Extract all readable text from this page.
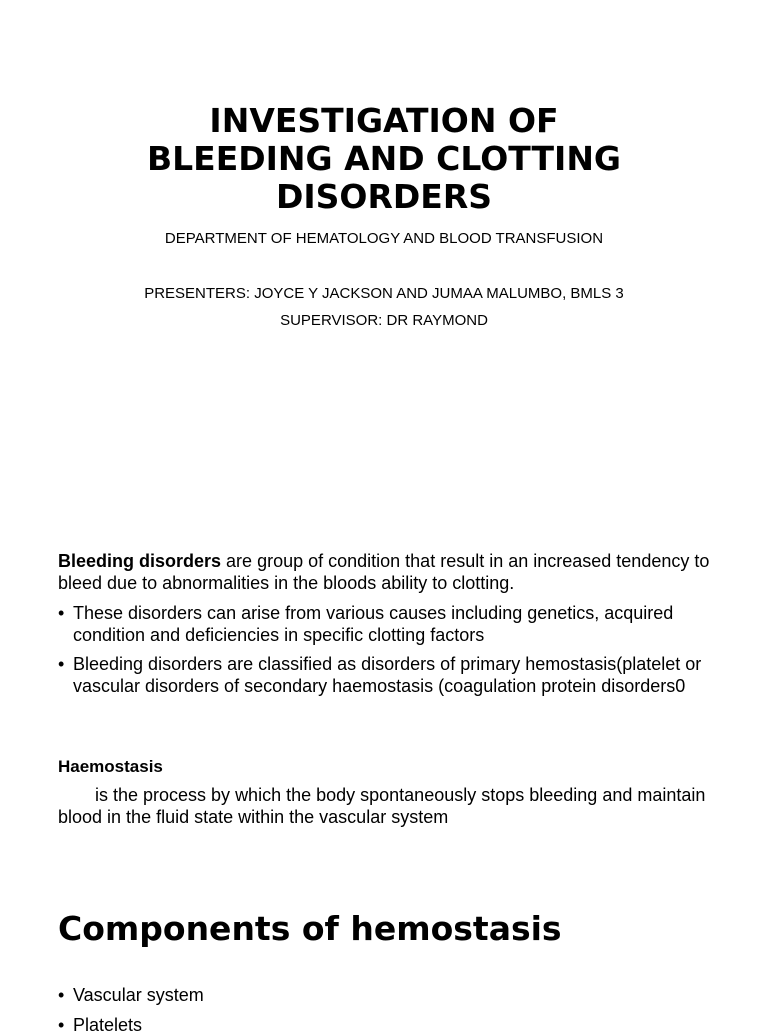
INVESTIGATION OF
BLEEDING AND CLOTTING
DISORDERS

DEPARTMENT OF HEMATOLOGY AND BLOOD TRANSFUSION

PRESENTERS: JOYCE Y JACKSON AND JUMAA MALUMBO, BMLS 3

SUPERVISOR: DR RAYMOND

Bleeding disorders are group of condition that result in an increased tendency to bleed due to abnormalities in the bloods ability to clotting.

• These disorders can arise from various causes including genetics, acquired condition and deficiencies in specific clotting factors
• Bleeding disorders are classified as disorders of primary hemostasis(platelet or vascular disorders of secondary haemostasis (coagulation protein disorders0

Haemostasis

is the process by which the body spontaneously stops bleeding and maintain blood in the fluid state within the vascular system

Components of hemostasis
• Vascular system
• Platelets
